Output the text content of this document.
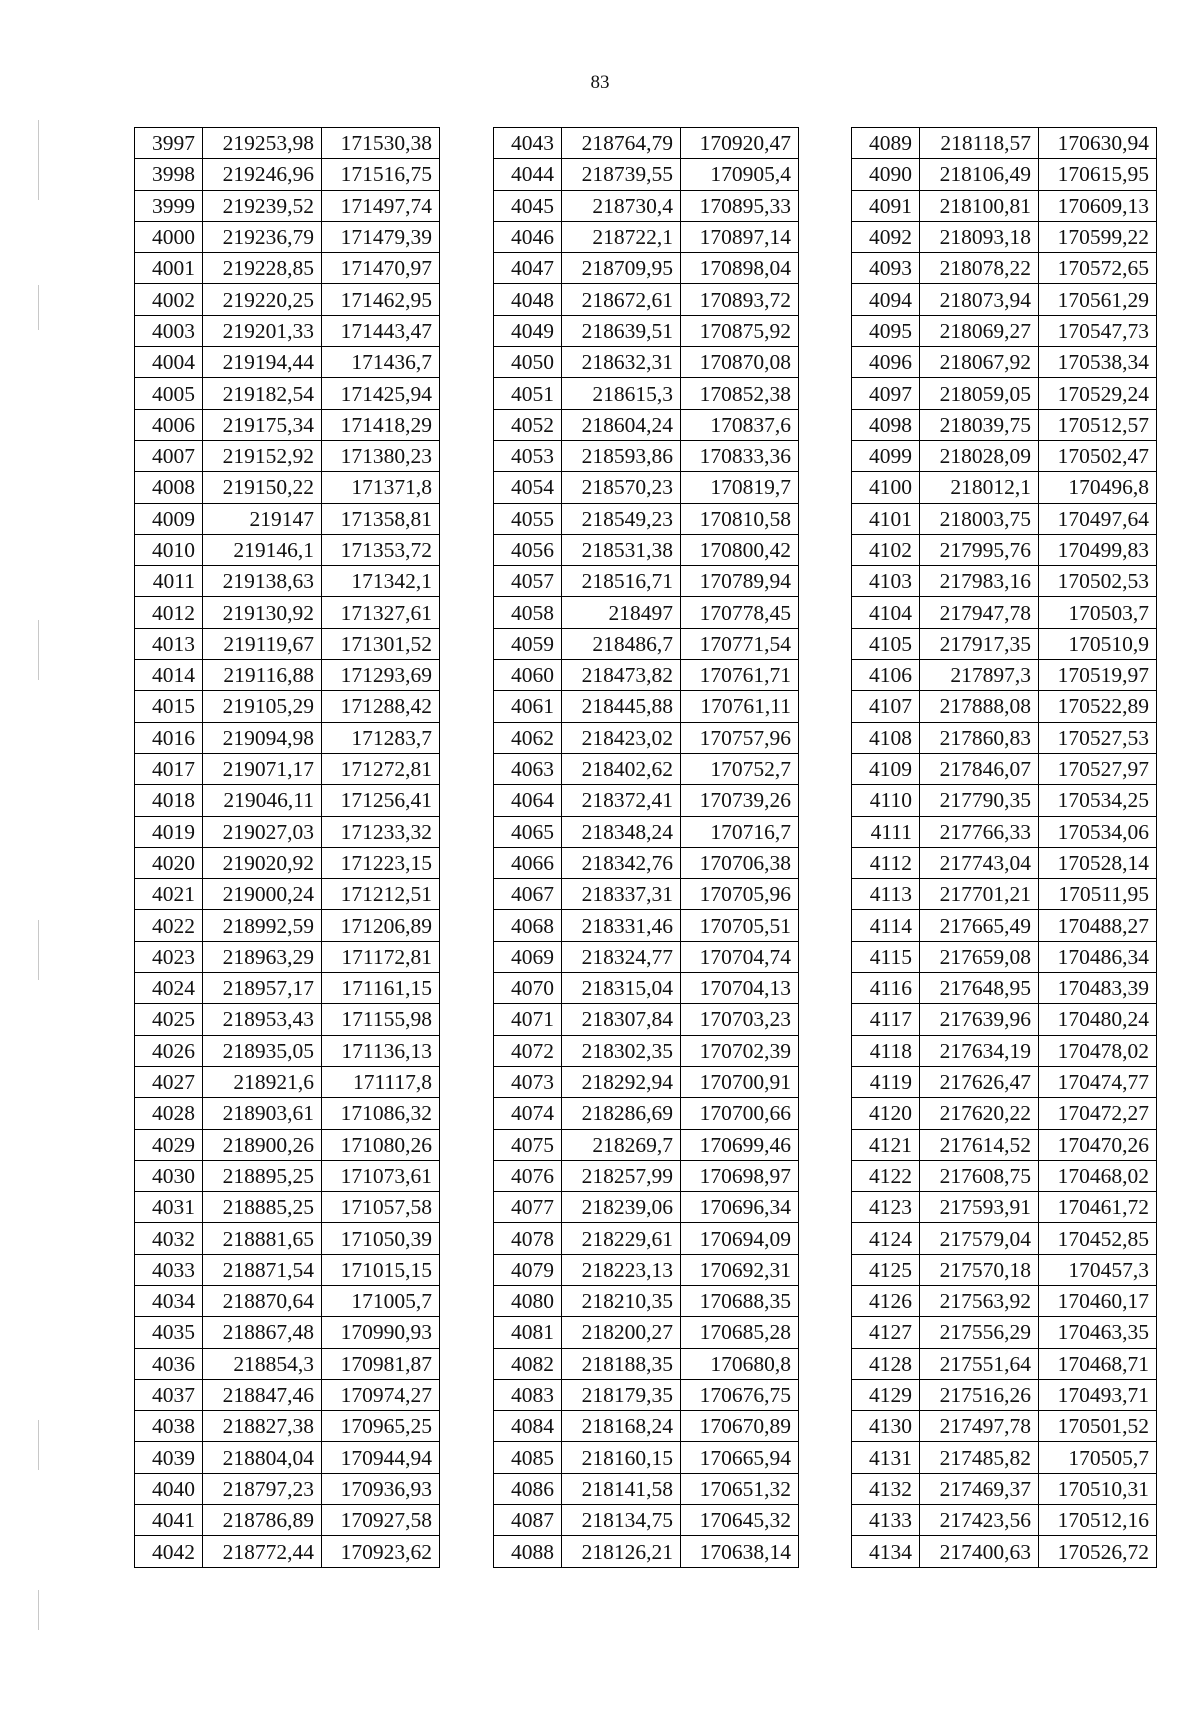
83
3997	219253,98	171530,38
3998	219246,96	171516,75
3999	219239,52	171497,74
4000	219236,79	171479,39
4001	219228,85	171470,97
4002	219220,25	171462,95
4003	219201,33	171443,47
4004	219194,44	171436,7
4005	219182,54	171425,94
4006	219175,34	171418,29
4007	219152,92	171380,23
4008	219150,22	171371,8
4009	219147	171358,81
4010	219146,1	171353,72
4011	219138,63	171342,1
4012	219130,92	171327,61
4013	219119,67	171301,52
4014	219116,88	171293,69
4015	219105,29	171288,42
4016	219094,98	171283,7
4017	219071,17	171272,81
4018	219046,11	171256,41
4019	219027,03	171233,32
4020	219020,92	171223,15
4021	219000,24	171212,51
4022	218992,59	171206,89
4023	218963,29	171172,81
4024	218957,17	171161,15
4025	218953,43	171155,98
4026	218935,05	171136,13
4027	218921,6	171117,8
4028	218903,61	171086,32
4029	218900,26	171080,26
4030	218895,25	171073,61
4031	218885,25	171057,58
4032	218881,65	171050,39
4033	218871,54	171015,15
4034	218870,64	171005,7
4035	218867,48	170990,93
4036	218854,3	170981,87
4037	218847,46	170974,27
4038	218827,38	170965,25
4039	218804,04	170944,94
4040	218797,23	170936,93
4041	218786,89	170927,58
4042	218772,44	170923,62
4043	218764,79	170920,47
4044	218739,55	170905,4
4045	218730,4	170895,33
4046	218722,1	170897,14
4047	218709,95	170898,04
4048	218672,61	170893,72
4049	218639,51	170875,92
4050	218632,31	170870,08
4051	218615,3	170852,38
4052	218604,24	170837,6
4053	218593,86	170833,36
4054	218570,23	170819,7
4055	218549,23	170810,58
4056	218531,38	170800,42
4057	218516,71	170789,94
4058	218497	170778,45
4059	218486,7	170771,54
4060	218473,82	170761,71
4061	218445,88	170761,11
4062	218423,02	170757,96
4063	218402,62	170752,7
4064	218372,41	170739,26
4065	218348,24	170716,7
4066	218342,76	170706,38
4067	218337,31	170705,96
4068	218331,46	170705,51
4069	218324,77	170704,74
4070	218315,04	170704,13
4071	218307,84	170703,23
4072	218302,35	170702,39
4073	218292,94	170700,91
4074	218286,69	170700,66
4075	218269,7	170699,46
4076	218257,99	170698,97
4077	218239,06	170696,34
4078	218229,61	170694,09
4079	218223,13	170692,31
4080	218210,35	170688,35
4081	218200,27	170685,28
4082	218188,35	170680,8
4083	218179,35	170676,75
4084	218168,24	170670,89
4085	218160,15	170665,94
4086	218141,58	170651,32
4087	218134,75	170645,32
4088	218126,21	170638,14
4089	218118,57	170630,94
4090	218106,49	170615,95
4091	218100,81	170609,13
4092	218093,18	170599,22
4093	218078,22	170572,65
4094	218073,94	170561,29
4095	218069,27	170547,73
4096	218067,92	170538,34
4097	218059,05	170529,24
4098	218039,75	170512,57
4099	218028,09	170502,47
4100	218012,1	170496,8
4101	218003,75	170497,64
4102	217995,76	170499,83
4103	217983,16	170502,53
4104	217947,78	170503,7
4105	217917,35	170510,9
4106	217897,3	170519,97
4107	217888,08	170522,89
4108	217860,83	170527,53
4109	217846,07	170527,97
4110	217790,35	170534,25
4111	217766,33	170534,06
4112	217743,04	170528,14
4113	217701,21	170511,95
4114	217665,49	170488,27
4115	217659,08	170486,34
4116	217648,95	170483,39
4117	217639,96	170480,24
4118	217634,19	170478,02
4119	217626,47	170474,77
4120	217620,22	170472,27
4121	217614,52	170470,26
4122	217608,75	170468,02
4123	217593,91	170461,72
4124	217579,04	170452,85
4125	217570,18	170457,3
4126	217563,92	170460,17
4127	217556,29	170463,35
4128	217551,64	170468,71
4129	217516,26	170493,71
4130	217497,78	170501,52
4131	217485,82	170505,7
4132	217469,37	170510,31
4133	217423,56	170512,16
4134	217400,63	170526,72
